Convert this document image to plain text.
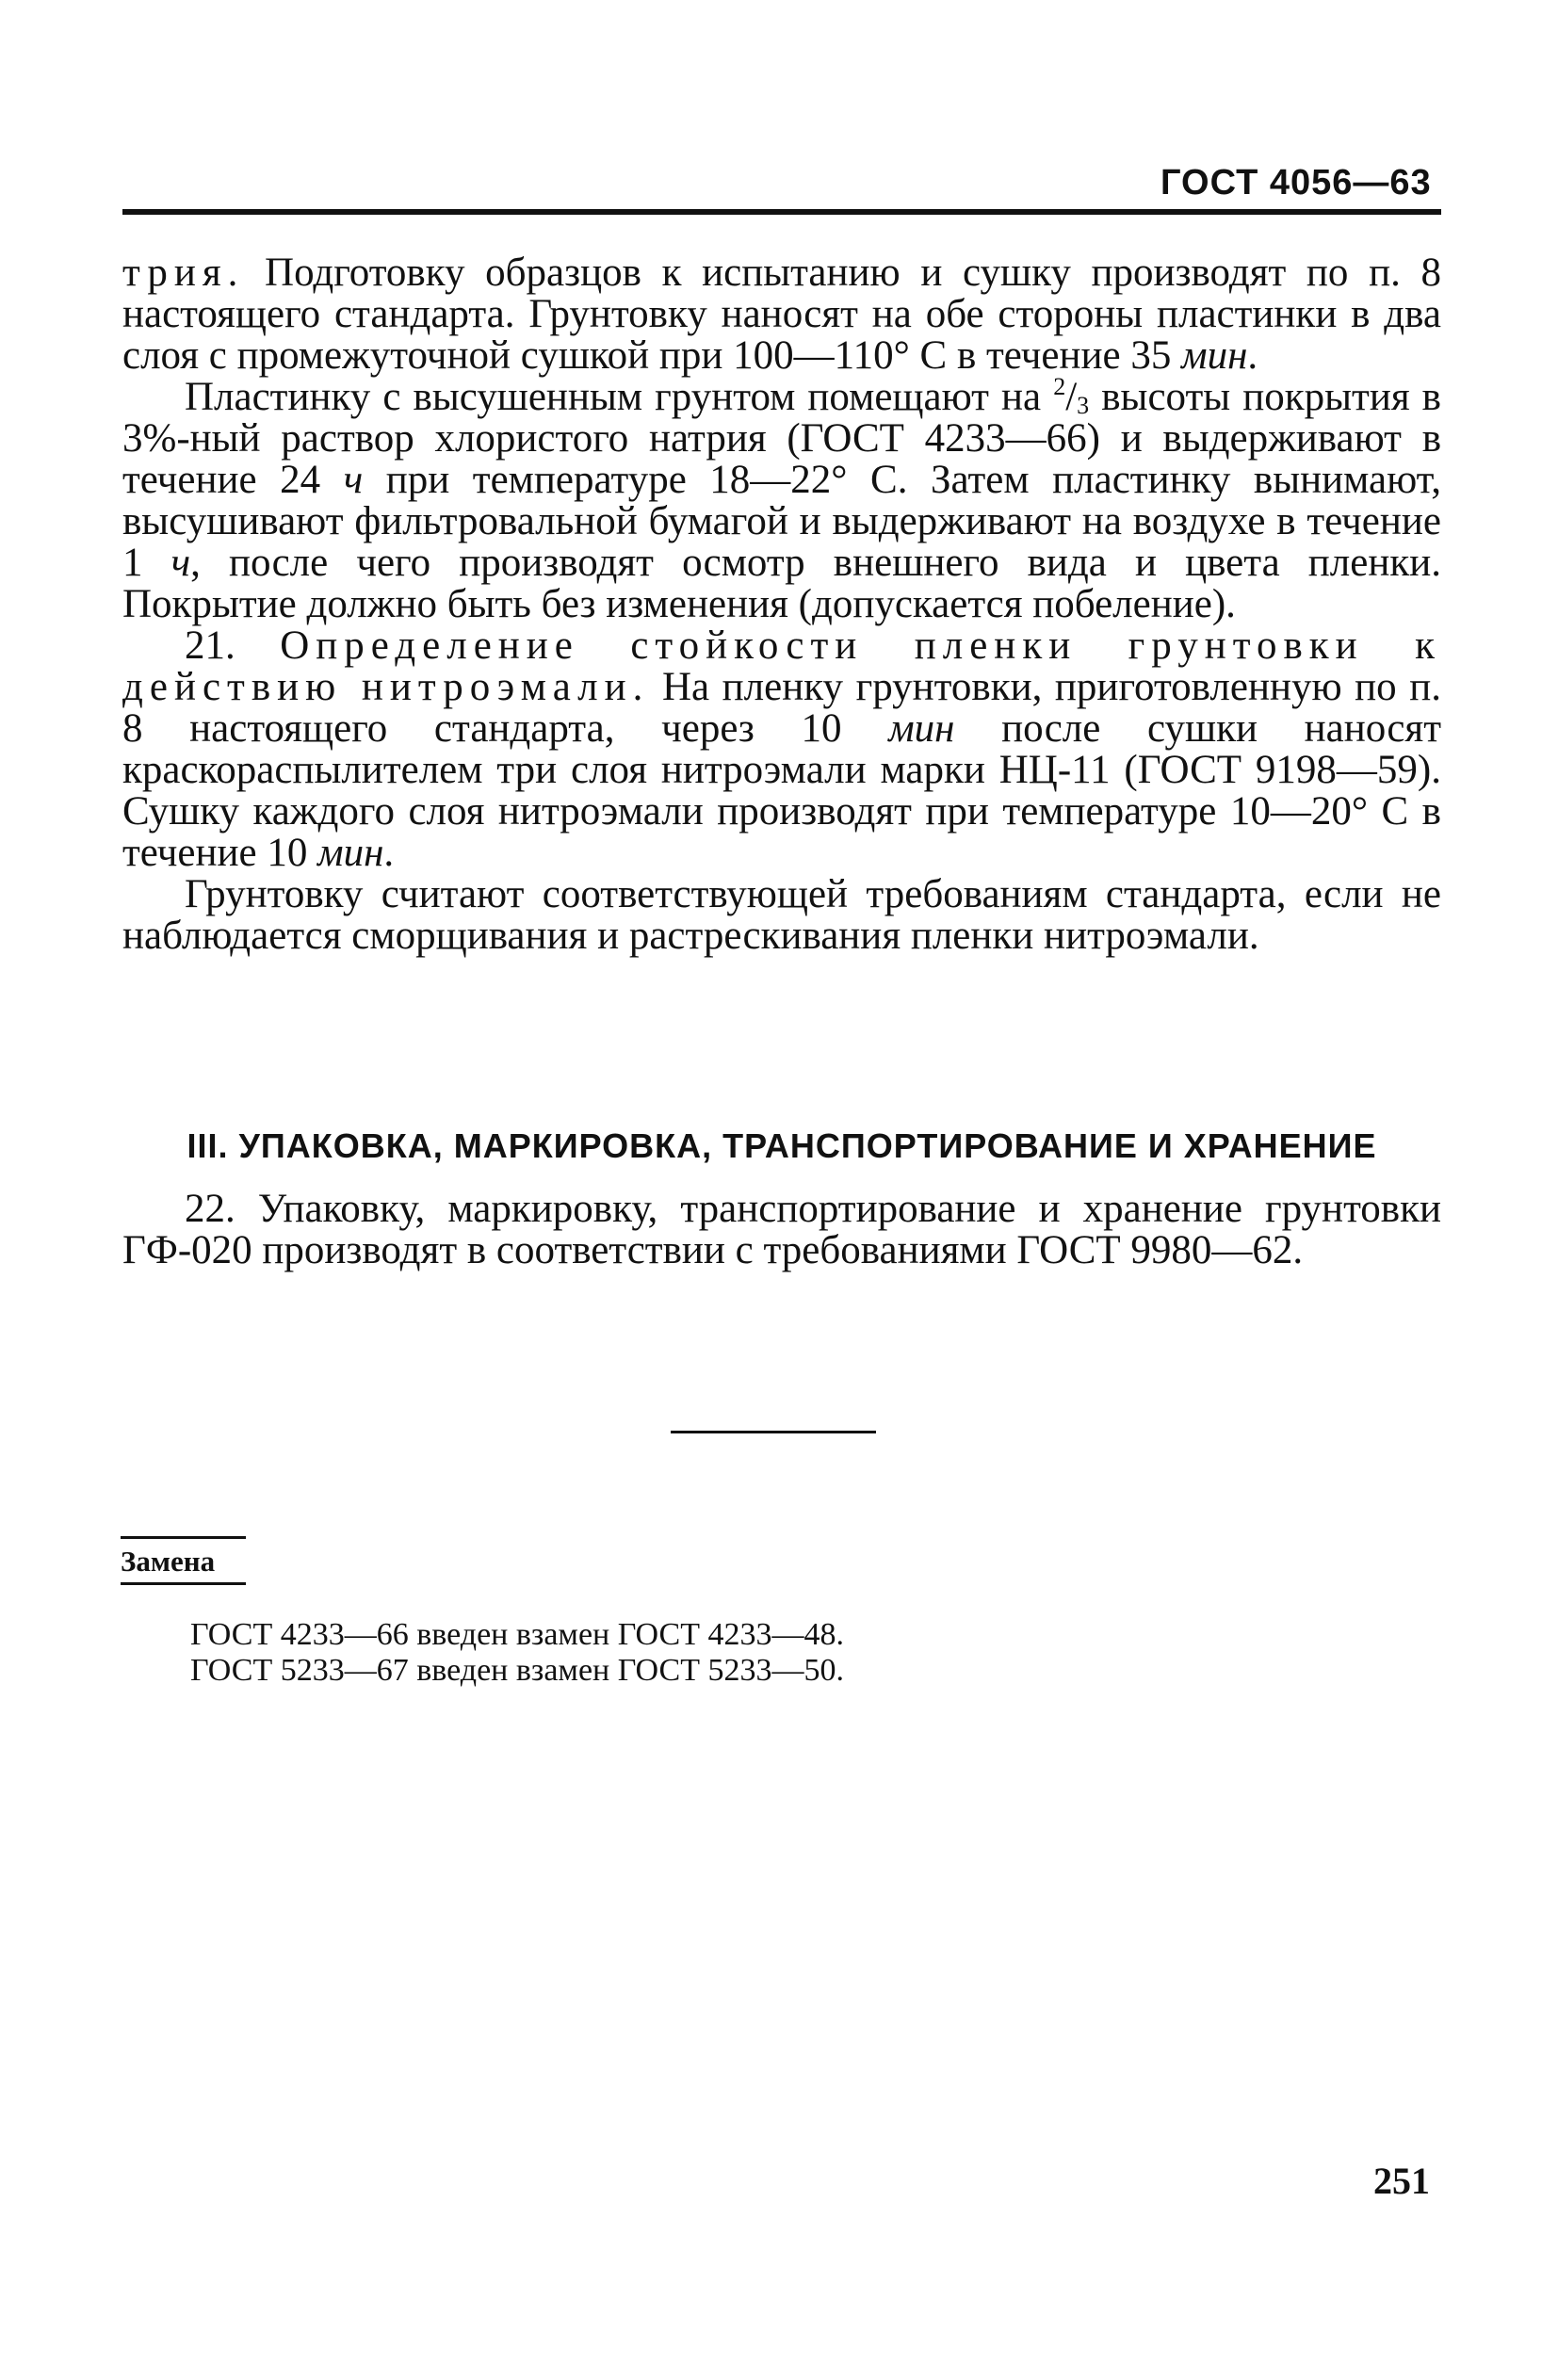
ГОСТ 4056—63

трия. Подготовку образцов к испытанию и сушку производят по п. 8 настоящего стандарта. Грунтовку наносят на обе стороны пластинки в два слоя с промежуточной сушкой при 100—110° С в течение 35 мин.

Пластинку с высушенным грунтом помещают на $^2/_3$ высоты покрытия в 3%-ный раствор хлористого натрия (ГОСТ 4233—66) и выдерживают в течение 24 ч при температуре 18—22° С. Затем пластинку вынимают, высушивают фильтровальной бумагой и выдерживают на воздухе в течение 1 ч, после чего производят осмотр внешнего вида и цвета пленки. Покрытие должно быть без изменения (допускается побеление).

21. Определение стойкости пленки грунтовки к действию нитроэмали. На пленку грунтовки, приготовленную по п. 8 настоящего стандарта, через 10 мин после сушки наносят краскораспылителем три слоя нитроэмали марки НЦ-11 (ГОСТ 9198—59). Сушку каждого слоя нитроэмали производят при температуре 10—20° С в течение 10 мин.

Грунтовку считают соответствующей требованиям стандарта, если не наблюдается сморщивания и растрескивания пленки нитроэмали.

III. УПАКОВКА, МАРКИРОВКА, ТРАНСПОРТИРОВАНИЕ И ХРАНЕНИЕ

22. Упаковку, маркировку, транспортирование и хранение грунтовки ГФ-020 производят в соответствии с требованиями ГОСТ 9980—62.

Замена
ГОСТ 4233—66 введен взамен ГОСТ 4233—48.
ГОСТ 5233—67 введен взамен ГОСТ 5233—50.
251
